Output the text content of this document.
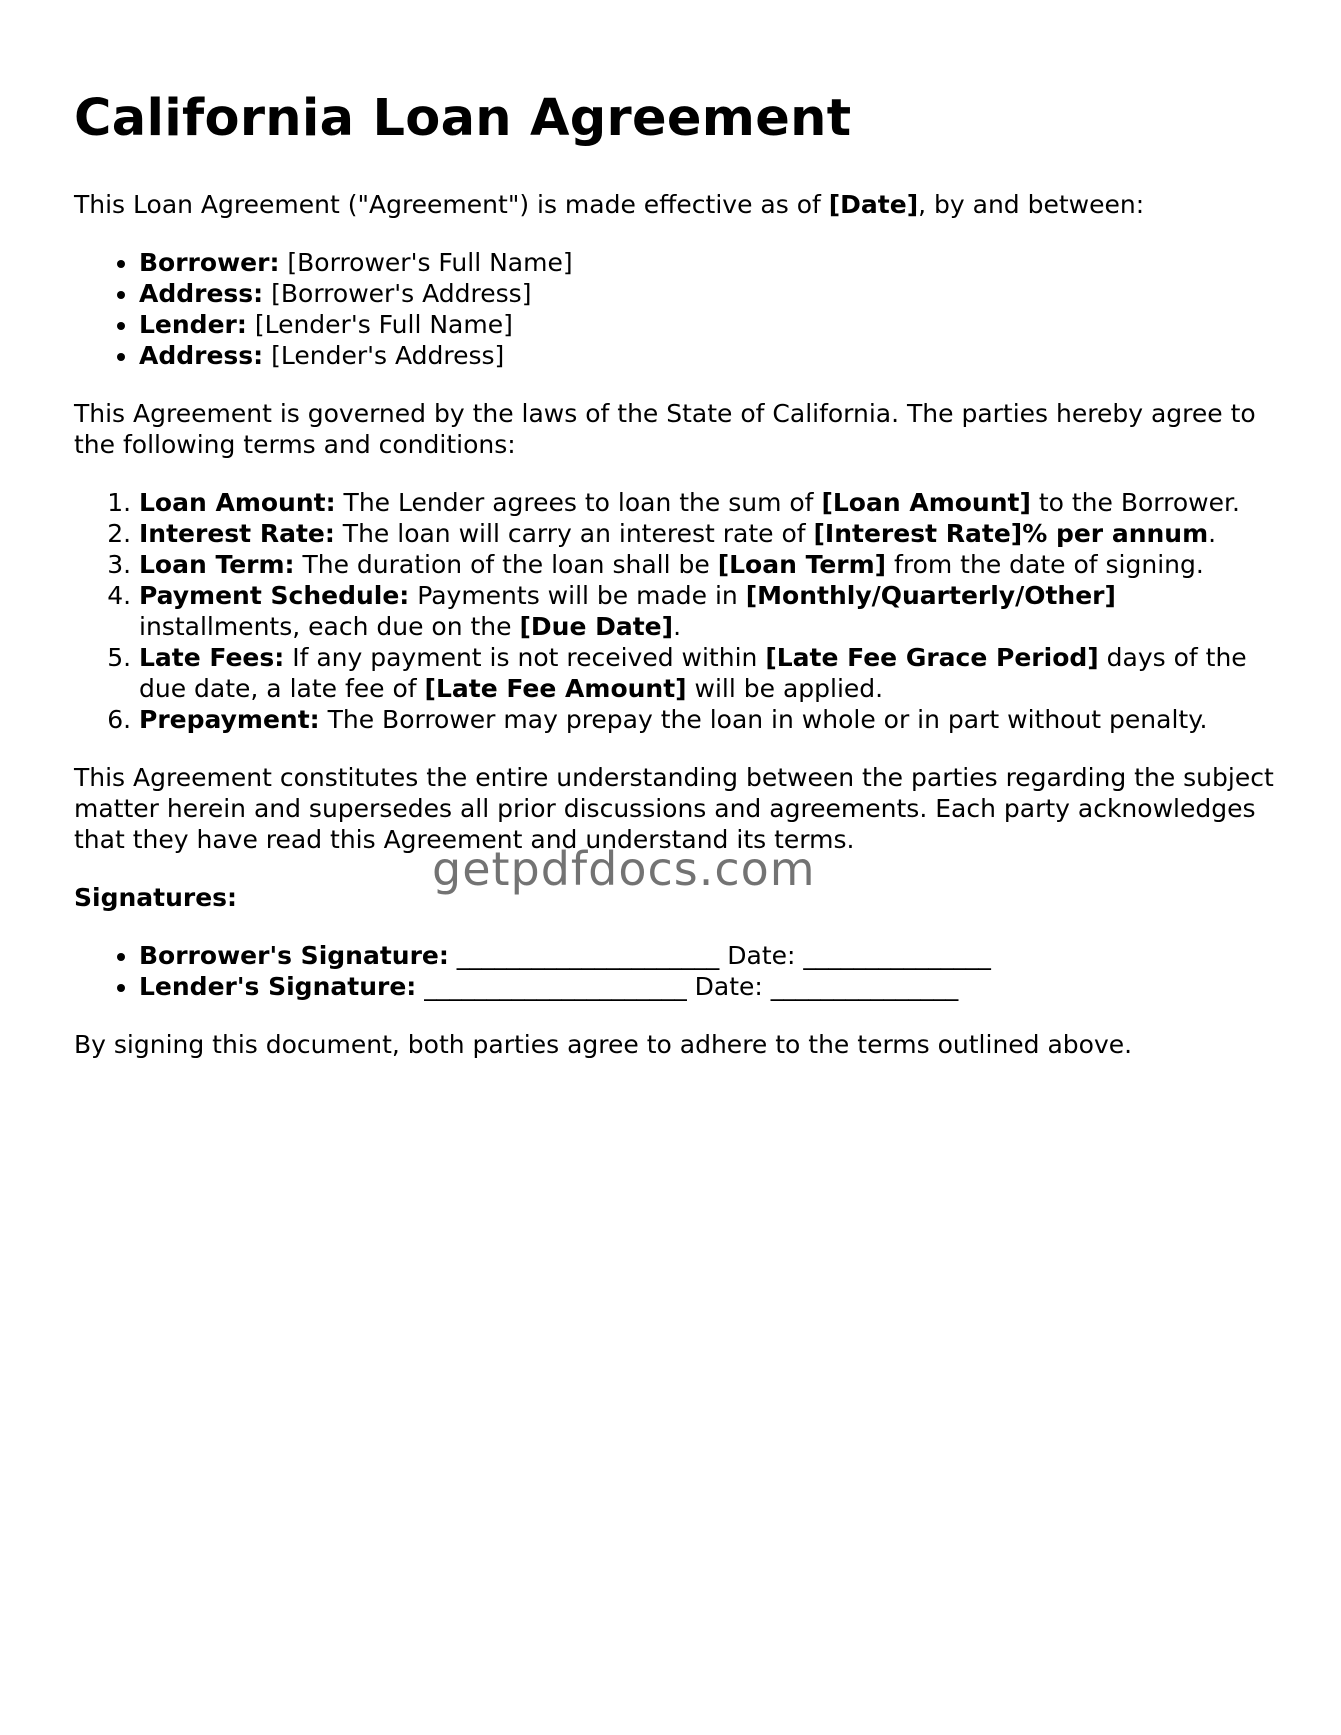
California Loan Agreement

This Loan Agreement ("Agreement") is made effective as of [Date], by and between:

• Borrower: [Borrower's Full Name]
• Address: [Borrower's Address]
• Lender: [Lender's Full Name]
• Address: [Lender's Address]

This Agreement is governed by the laws of the State of California. The parties hereby agree to the following terms and conditions:

1. Loan Amount: The Lender agrees to loan the sum of [Loan Amount] to the Borrower.
2. Interest Rate: The loan will carry an interest rate of [Interest Rate]% per annum.
3. Loan Term: The duration of the loan shall be [Loan Term] from the date of signing.
4. Payment Schedule: Payments will be made in [Monthly/Quarterly/Other] installments, each due on the [Due Date].
5. Late Fees: If any payment is not received within [Late Fee Grace Period] days of the due date, a late fee of [Late Fee Amount] will be applied.
6. Prepayment: The Borrower may prepay the loan in whole or in part without penalty.

This Agreement constitutes the entire understanding between the parties regarding the subject matter herein and supersedes all prior discussions and agreements. Each party acknowledges that they have read this Agreement and understand its terms.

Signatures:

• Borrower's Signature: _____________________ Date: _______________
• Lender's Signature: _____________________ Date: _______________

By signing this document, both parties agree to adhere to the terms outlined above.

getpdfdocs.com
